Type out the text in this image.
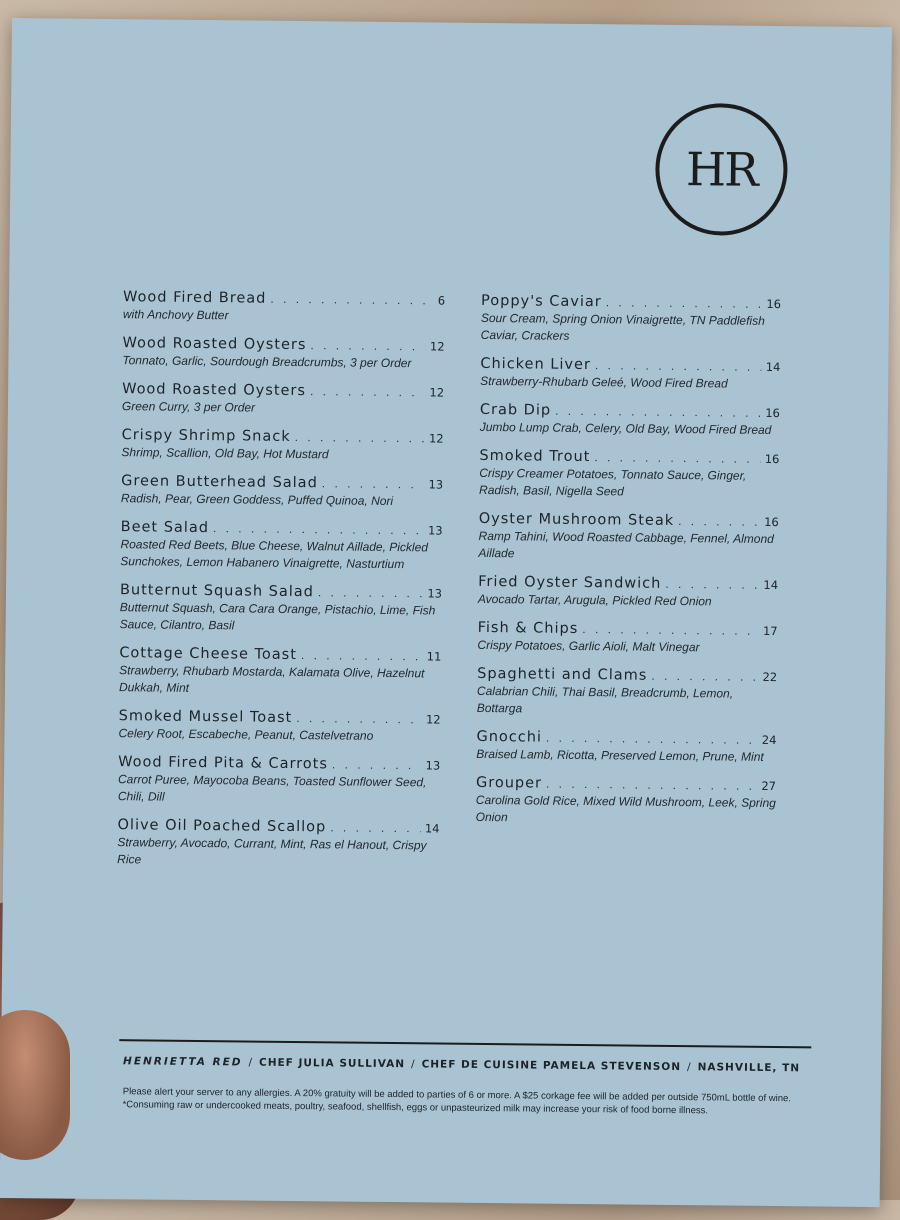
HR
Wood Fired Bread . . .	6
with Anchovy Butter
Wood Roasted Oysters . . .	12
Tonnato, Garlic, Sourdough Breadcrumbs, 3 per Order
Wood Roasted Oysters . . .	12
Green Curry, 3 per Order
Crispy Shrimp Snack . . .	12
Shrimp, Scallion, Old Bay, Hot Mustard
Green Butterhead Salad . . .	13
Radish, Pear, Green Goddess, Puffed Quinoa, Nori
Beet Salad . . .	13
Roasted Red Beets, Blue Cheese, Walnut Aillade, Pickled Sunchokes, Lemon Habanero Vinaigrette, Nasturtium
Butternut Squash Salad . . .	13
Butternut Squash, Cara Cara Orange, Pistachio, Lime, Fish Sauce, Cilantro, Basil
Cottage Cheese Toast . . .	11
Strawberry, Rhubarb Mostarda, Kalamata Olive, Hazelnut Dukkah, Mint
Smoked Mussel Toast . . .	12
Celery Root, Escabeche, Peanut, Castelvetrano
Wood Fired Pita & Carrots . . .	13
Carrot Puree, Mayocoba Beans, Toasted Sunflower Seed, Chili, Dill
Olive Oil Poached Scallop . . .	14
Strawberry, Avocado, Currant, Mint, Ras el Hanout, Crispy Rice
Poppy's Caviar . . .	16
Sour Cream, Spring Onion Vinaigrette, TN Paddlefish Caviar, Crackers
Chicken Liver . . .	14
Strawberry-Rhubarb Geleé, Wood Fired Bread
Crab Dip . . .	16
Jumbo Lump Crab, Celery, Old Bay, Wood Fired Bread
Smoked Trout . . .	16
Crispy Creamer Potatoes, Tonnato Sauce, Ginger, Radish, Basil, Nigella Seed
Oyster Mushroom Steak . . .	16
Ramp Tahini, Wood Roasted Cabbage, Fennel, Almond Aillade
Fried Oyster Sandwich . . .	14
Avocado Tartar, Arugula, Pickled Red Onion
Fish & Chips . . .	17
Crispy Potatoes, Garlic Aioli, Malt Vinegar
Spaghetti and Clams . . .	22
Calabrian Chili, Thai Basil, Breadcrumb, Lemon, Bottarga
Gnocchi . . .	24
Braised Lamb, Ricotta, Preserved Lemon, Prune, Mint
Grouper . . .	27
Carolina Gold Rice, Mixed Wild Mushroom, Leek, Spring Onion
HENRIETTA RED / CHEF JULIA SULLIVAN / CHEF DE CUISINE PAMELA STEVENSON / NASHVILLE, TN
Please alert your server to any allergies. A 20% gratuity will be added to parties of 6 or more. A $25 corkage fee will be added per outside 750mL bottle of wine. *Consuming raw or undercooked meats, poultry, seafood, shellfish, eggs or unpasteurized milk may increase your risk of food borne illness.
